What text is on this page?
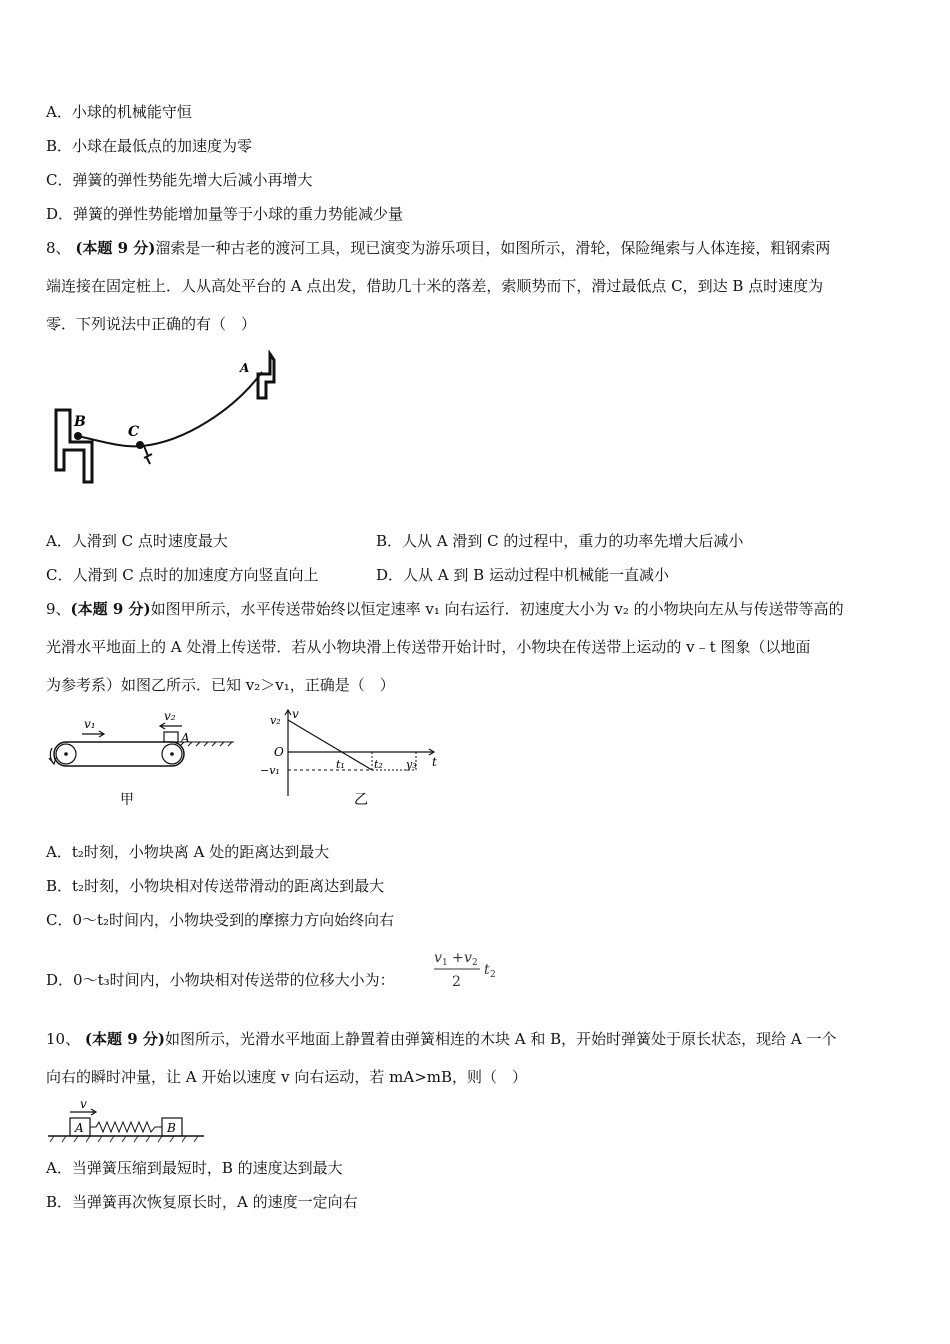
A．小球的机械能守恒
B．小球在最低点的加速度为零
C．弹簧的弹性势能先增大后减小再增大
D．弹簧的弹性势能增加量等于小球的重力势能减少量
8、 (本题 9 分)溜索是一种古老的渡河工具，现已演变为游乐项目，如图所示，滑轮，保险绳索与人体连接，粗钢索两
端连接在固定桩上．人从高处平台的 A 点出发，借助几十米的落差，索顺势而下，滑过最低点 C，到达 B 点时速度为
零．下列说法中正确的有（　）
B
C
A
A．人滑到 C 点时速度最大	B．人从 A 滑到 C 的过程中，重力的功率先增大后减小
C．人滑到 C 点时的加速度方向竖直向上	D．人从 A 到 B 运动过程中机械能一直减小
9、(本题 9 分)如图甲所示，水平传送带始终以恒定速率 v₁ 向右运行．初速度大小为 v₂ 的小物块向左从与传送带等高的
光滑水平地面上的 A 处滑上传送带．若从小物块滑上传送带开始计时，小物块在传送带上运动的 v﹣t 图象（以地面
为参考系）如图乙所示．已知 v₂＞v₁，正确是（　）
v₁
v₂
A
甲
v
v₂
O
−v₁	t₁	t₂ y₃ t
乙
A．t₂时刻，小物块离 A 处的距离达到最大
B．t₂时刻，小物块相对传送带滑动的距离达到最大
C．0～t₂时间内，小物块受到的摩擦力方向始终向右
D．0～t₃时间内，小物块相对传送带的位移大小为：
v 1 + v 2
2
t 2
10、 (本题 9 分)如图所示，光滑水平地面上静置着由弹簧相连的木块 A 和 B，开始时弹簧处于原长状态，现给 A 一个
向右的瞬时冲量，让 A 开始以速度 v 向右运动，若 mA>mB，则（　）
v
A	B
A．当弹簧压缩到最短时，B 的速度达到最大
B．当弹簧再次恢复原长时，A 的速度一定向右
